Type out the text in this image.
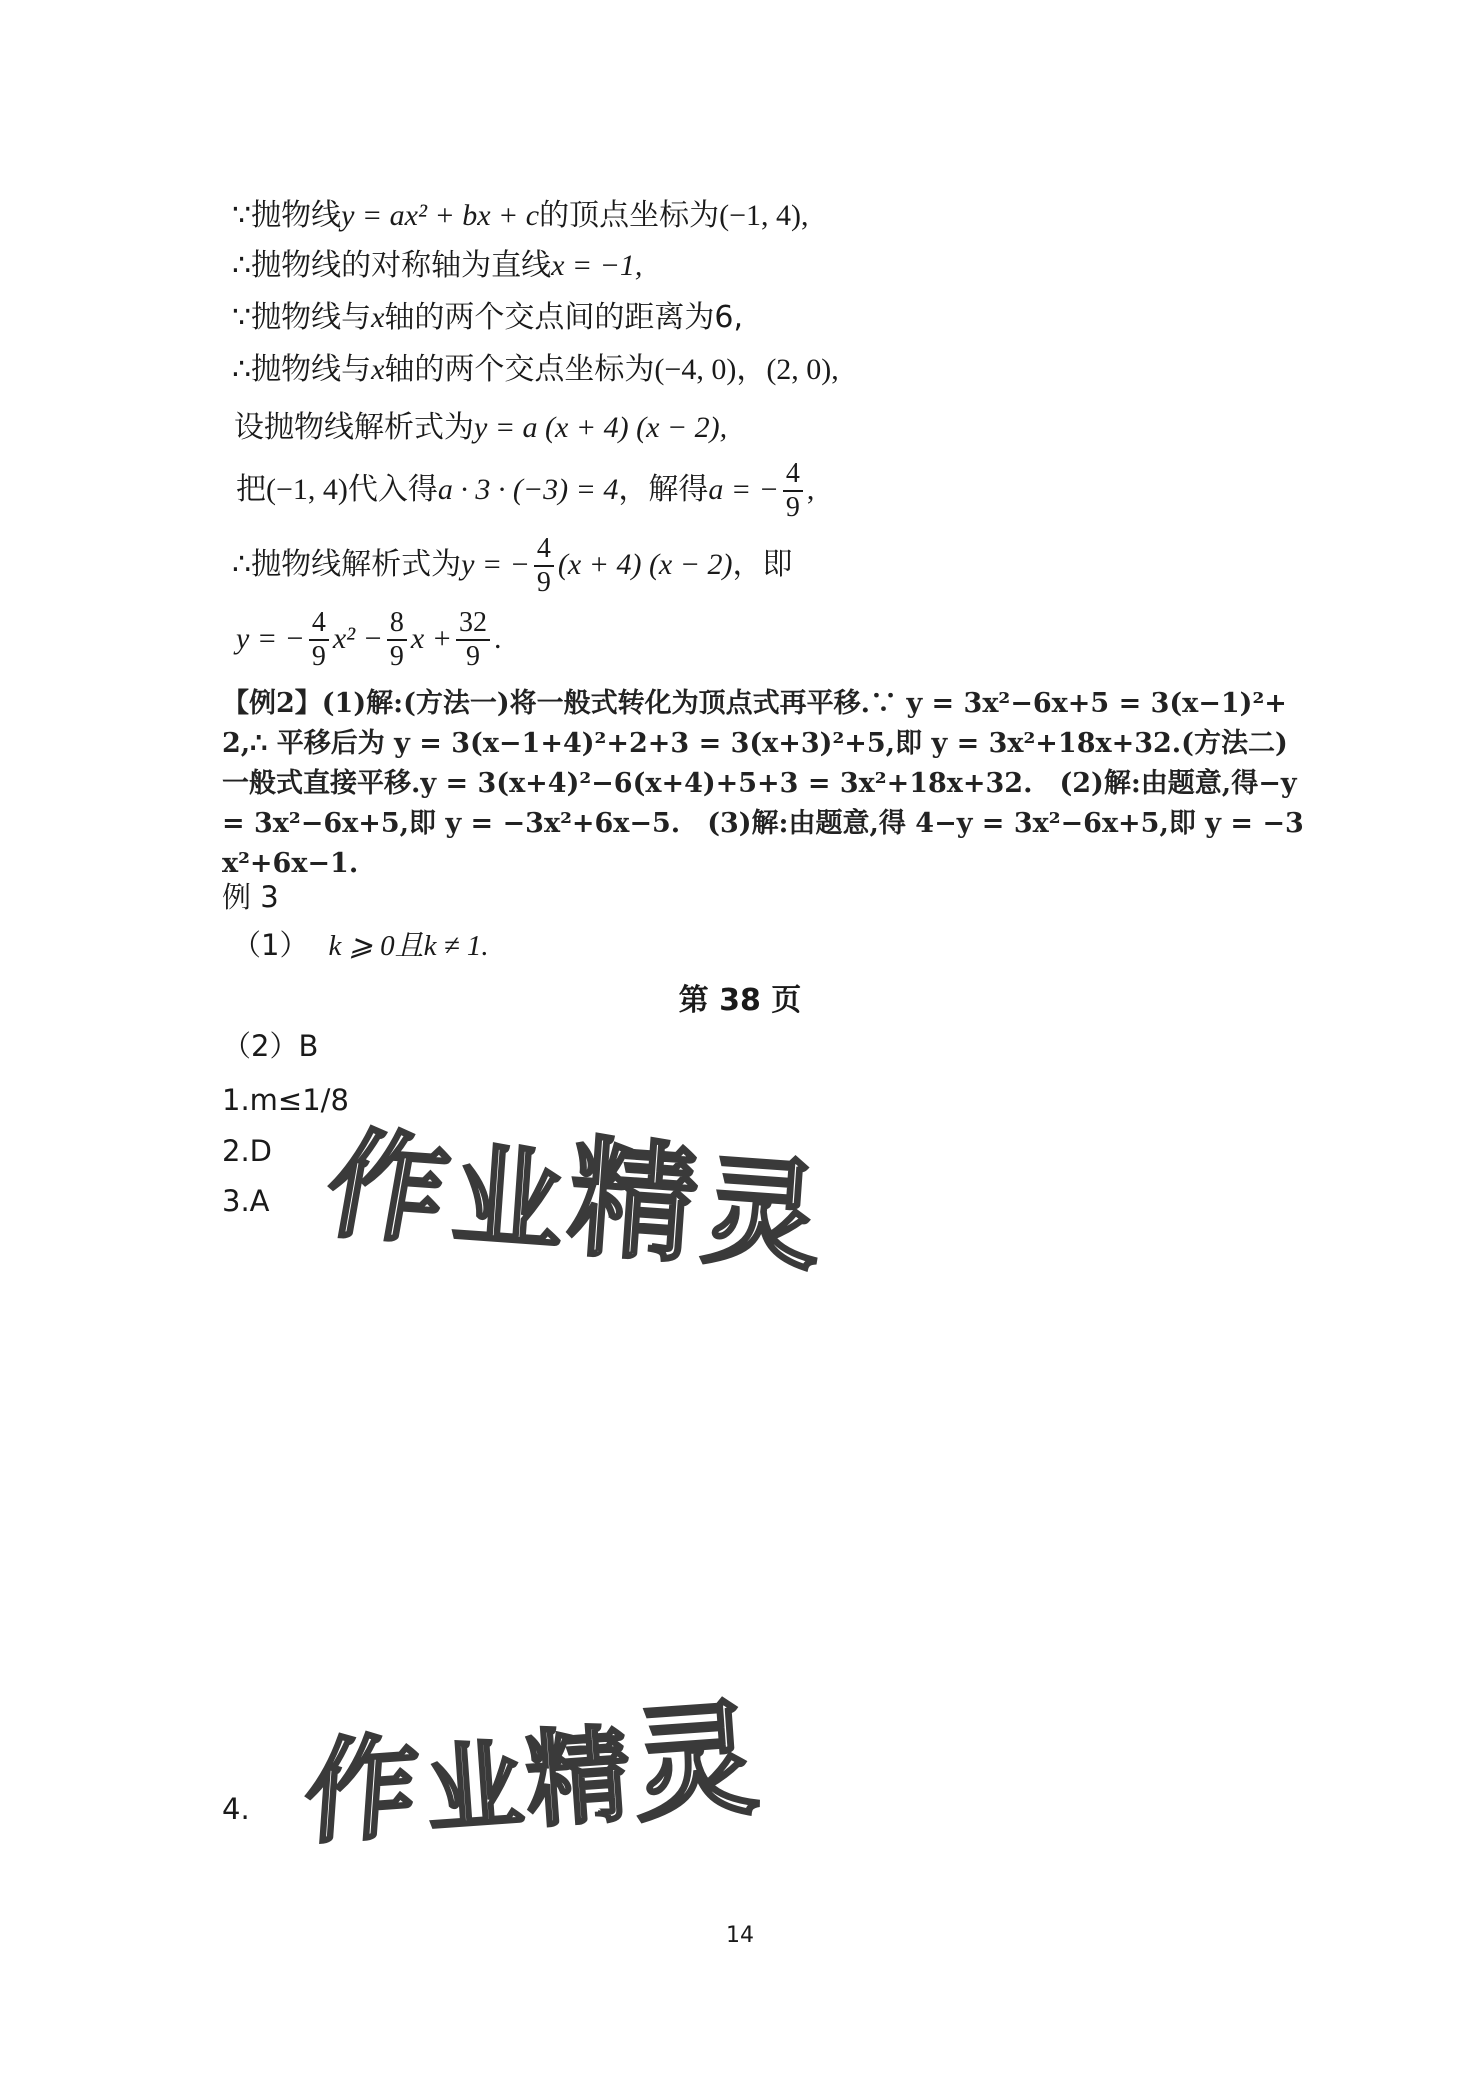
∵抛物线y = ax² + bx + c的顶点坐标为(−1, 4),
∴抛物线的对称轴为直线x = −1,
∵抛物线与x轴的两个交点间的距离为6,
∴抛物线与x轴的两个交点坐标为(−4, 0)，(2, 0),
设抛物线解析式为y = a (x + 4) (x − 2),
把(−1, 4)代入得a · 3 · (−3) = 4，解得a = − $\frac{4}{9}$ ,
∴抛物线解析式为y = − $\frac{4}{9} (x + 4) (x - 2)$，即
y = − $\frac{4}{9} x^2 - \frac{8}{9}$ $x + \frac{32}{9}$ .
【例2】(1)解:(方法一)将一般式转化为顶点式再平移.∵ y = 3x²−6x+5 = 3(x−1)²+2,∴ 平移后为 y = 3(x−1+4)²+2+3 = 3(x+3)²+5,即 y = 3x²+18x+32.(方法二)一般式直接平移.y = 3(x+4)²−6(x+4)+5+3 = 3x²+18x+32.　(2)解:由题意,得−y = 3x²−6x+5,即 y = −3x²+6x−5.　(3)解:由题意,得 4−y = 3x²−6x+5,即 y = −3x²+6x−1.
例 3
（1） k ⩾ 0且k ≠ 1.
第 38 页
（2）B
1.m≤1/8
2.D
3.A
4.
作业精灵
作业精灵
14
